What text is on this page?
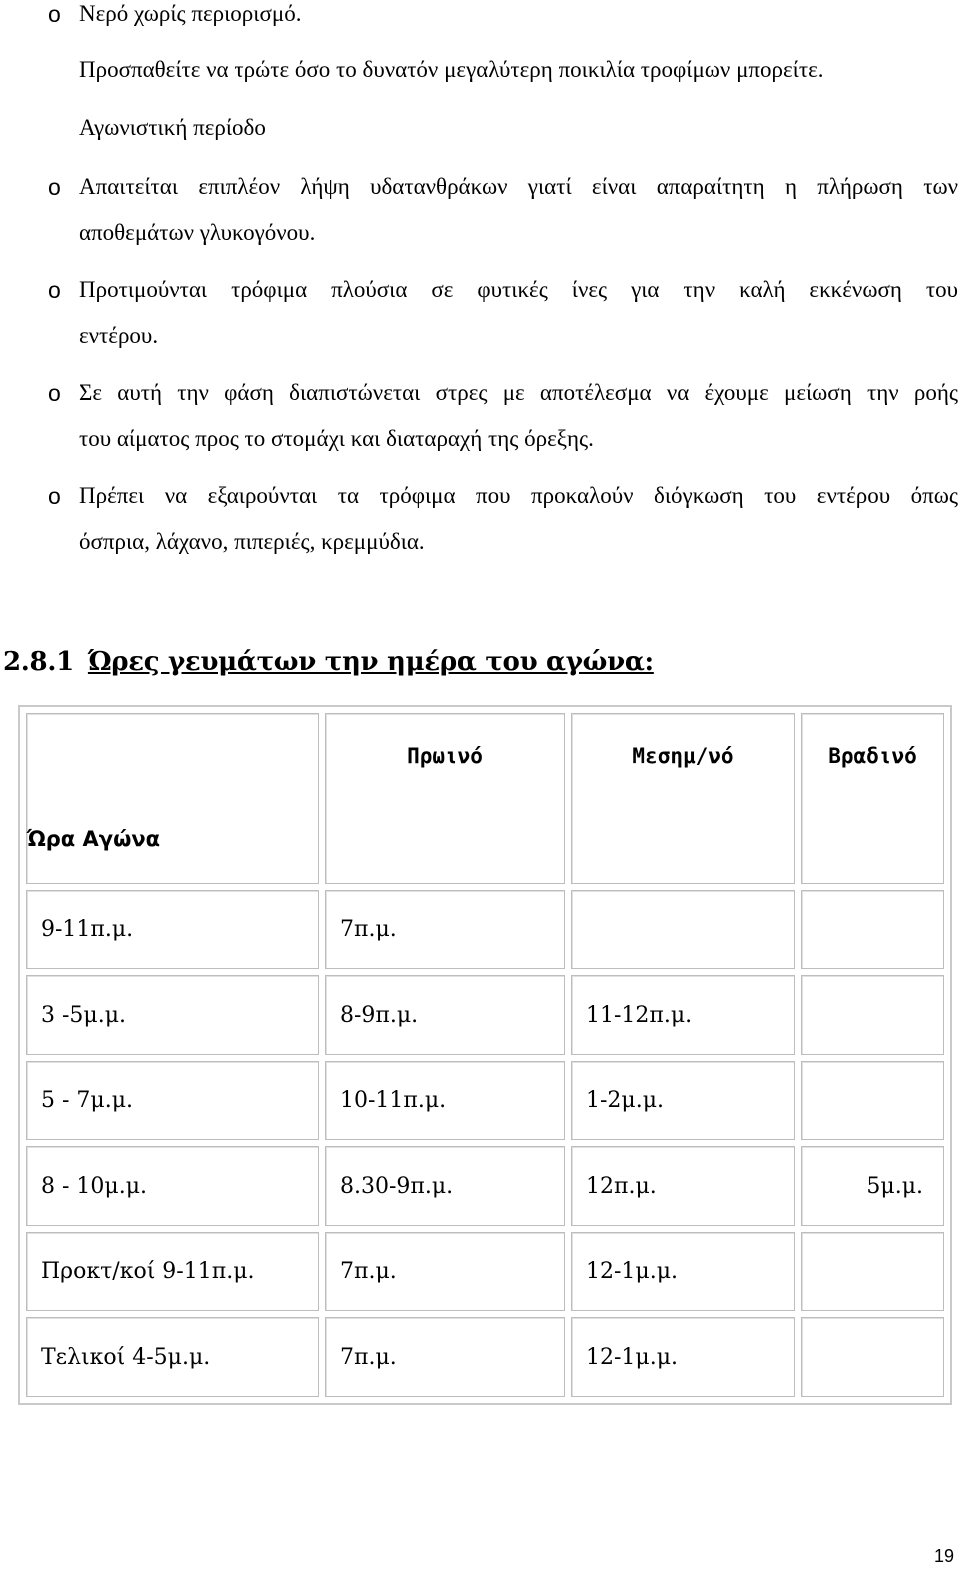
o Νερό χωρίς περιορισμό.
Προσπαθείτε να τρώτε όσο το δυνατόν μεγαλύτερη ποικιλία τροφίμων μπορείτε.
Αγωνιστική περίοδο
o Απαιτείται επιπλέον λήψη υδατανθράκων γιατί είναι απαραίτητη η πλήρωση των
αποθεμάτων γλυκογόνου.
o Προτιμούνται τρόφιμα πλούσια σε φυτικές ίνες για την καλή εκκένωση του
εντέρου.
o Σε αυτή την φάση διαπιστώνεται στρες με αποτέλεσμα να έχουμε μείωση την ροής
του αίματος προς το στομάχι και διαταραχή της όρεξης.
o Πρέπει να εξαιρούνται τα τρόφιμα που προκαλούν διόγκωση του εντέρου όπως
όσπρια, λάχανο, πιπεριές, κρεμμύδια.
2.8.1 Ώρες γευμάτων την ημέρα του αγώνα:
Ώρα Αγώνα	Πρωινό	Μεσημ/νό	Βραδινό
9-11π.μ.	7π.μ.		
3 -5μ.μ.	8-9π.μ.	11-12π.μ.	
5 - 7μ.μ.	10-11π.μ.	1-2μ.μ.	
8 - 10μ.μ.	8.30-9π.μ.	12π.μ.	5μ.μ.
Προκτ/κοί 9-11π.μ.	7π.μ.	12-1μ.μ.	
Τελικοί 4-5μ.μ.	7π.μ.	12-1μ.μ.	
19
